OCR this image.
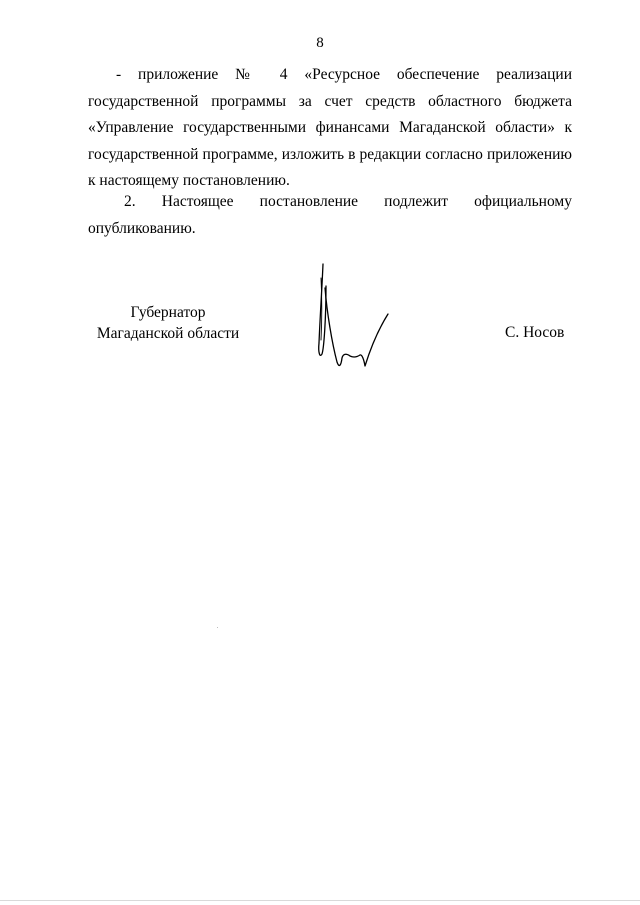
8

- приложение № 4 «Ресурсное обеспечение реализации государственной программы за счет средств областного бюджета «Управление государственными финансами Магаданской области» к государственной программе, изложить в редакции согласно приложению к настоящему постановлению.

2. Настоящее постановление подлежит официальному опубликованию.

Губернатор
Магаданской области	С. Носов
